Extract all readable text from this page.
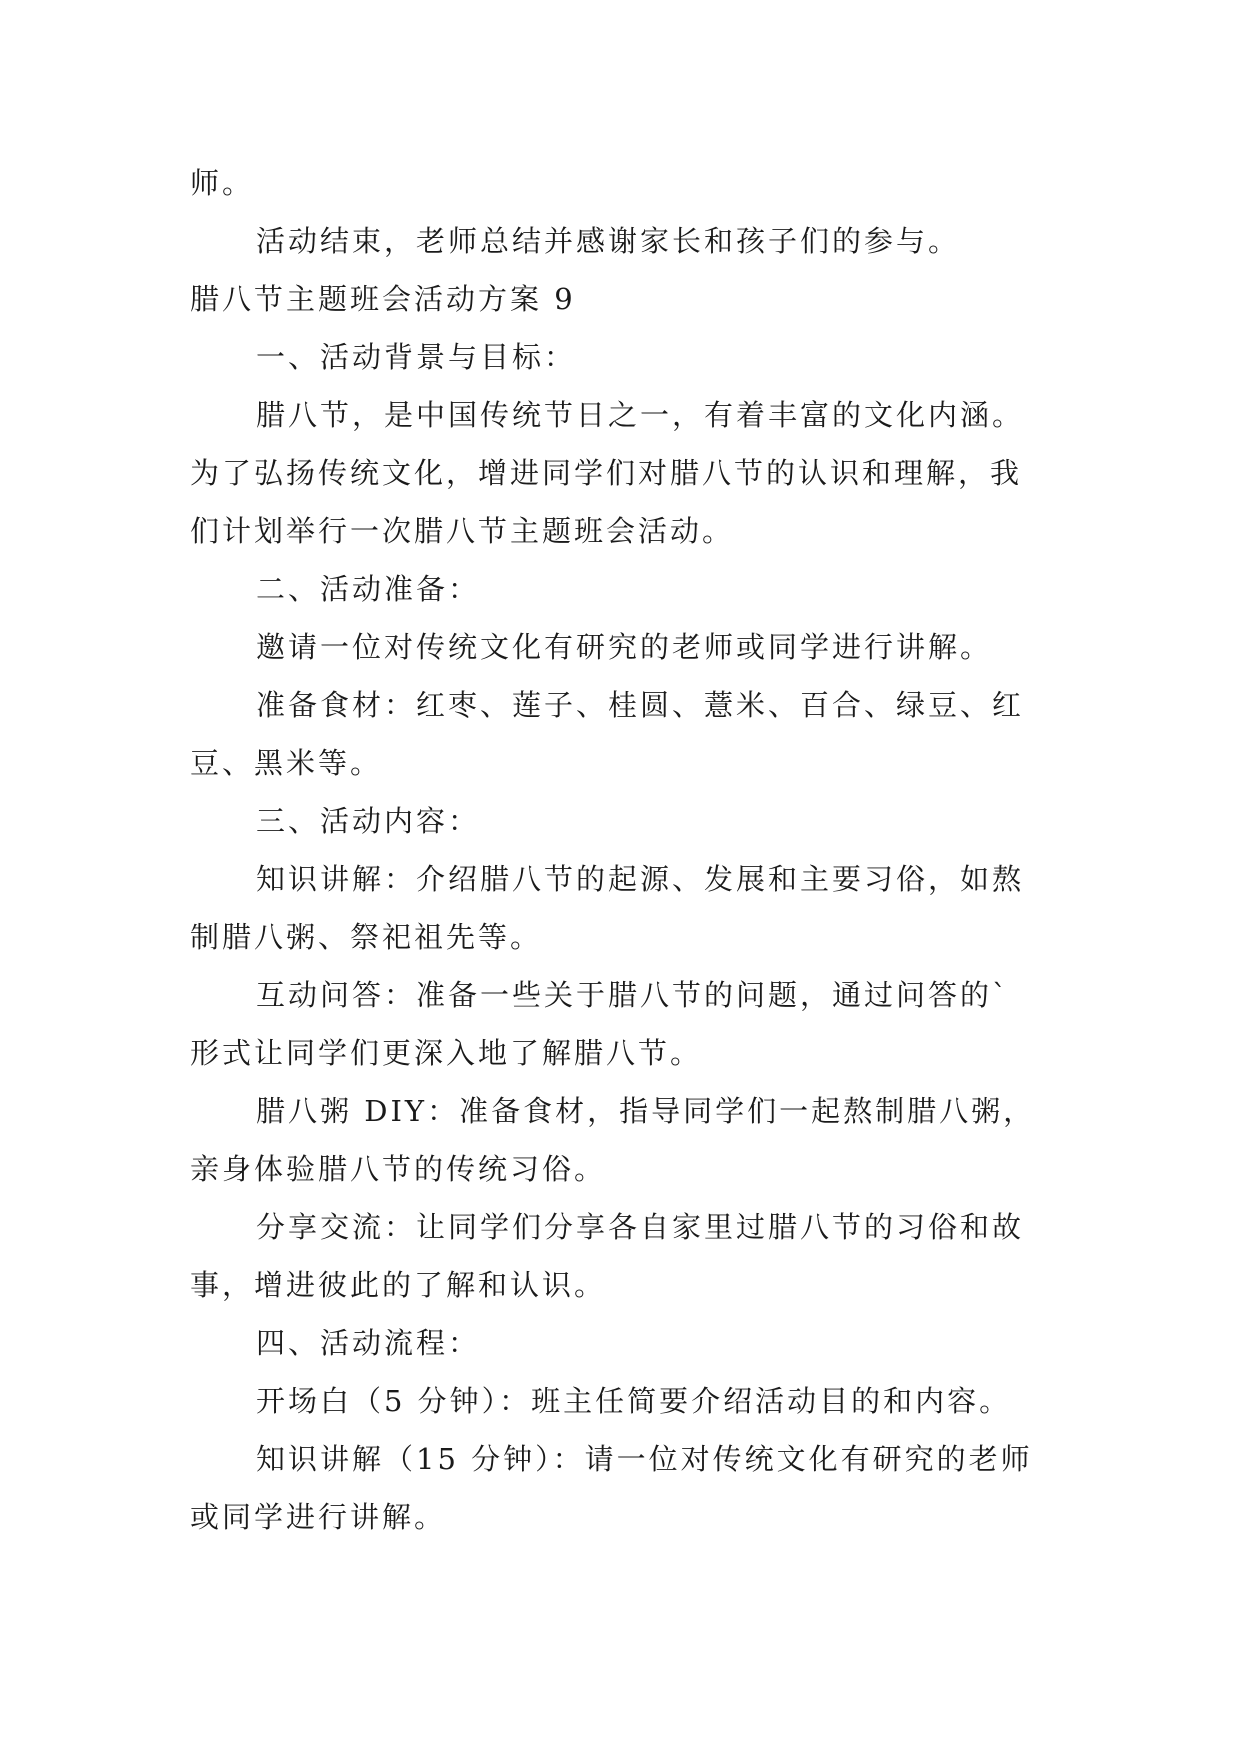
师。

活动结束，老师总结并感谢家长和孩子们的参与。

腊八节主题班会活动方案 9

一、活动背景与目标：

腊八节，是中国传统节日之一，有着丰富的文化内涵。

为了弘扬传统文化，增进同学们对腊八节的认识和理解，我

们计划举行一次腊八节主题班会活动。

二、活动准备：

邀请一位对传统文化有研究的老师或同学进行讲解。

准备食材：红枣、莲子、桂圆、薏米、百合、绿豆、红

豆、黑米等。

三、活动内容：

知识讲解：介绍腊八节的起源、发展和主要习俗，如熬

制腊八粥、祭祀祖先等。

互动问答：准备一些关于腊八节的问题，通过问答的`

形式让同学们更深入地了解腊八节。

腊八粥 DIY：准备食材，指导同学们一起熬制腊八粥，

亲身体验腊八节的传统习俗。

分享交流：让同学们分享各自家里过腊八节的习俗和故

事，增进彼此的了解和认识。

四、活动流程：

开场白（5 分钟）：班主任简要介绍活动目的和内容。

知识讲解（15 分钟）：请一位对传统文化有研究的老师

或同学进行讲解。
